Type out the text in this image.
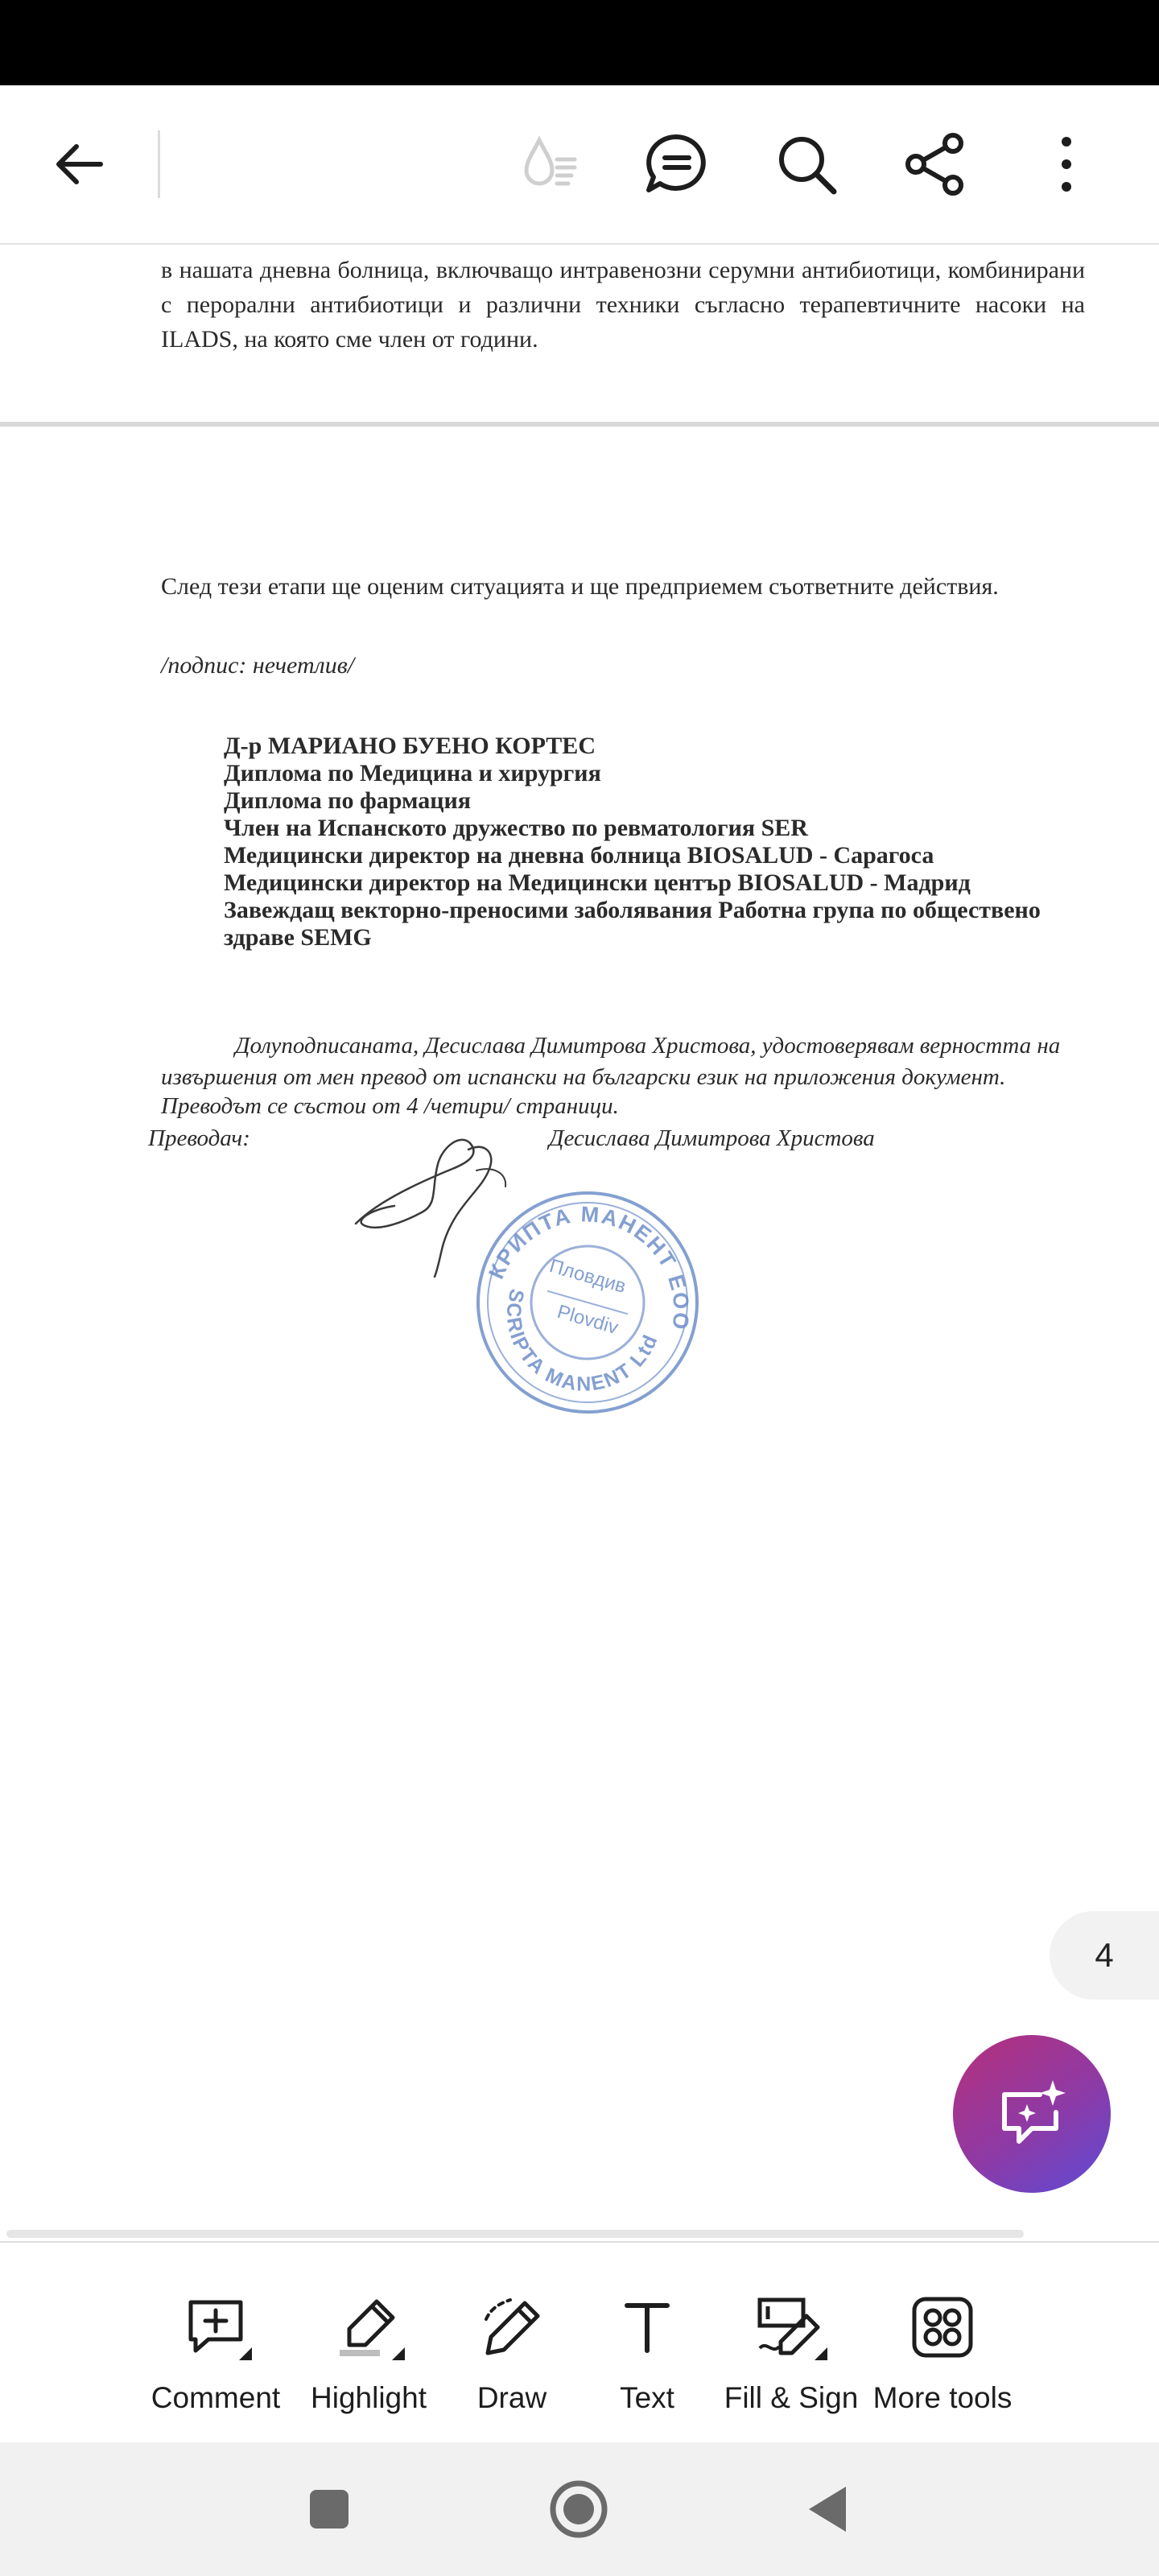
в нашата дневна болница, включващо интравенозни серумни антибиотици, комбинирани с перорални антибиотици и различни техники съгласно терапевтичните насоки на ILADS, на която сме член от години.
След тези етапи ще оценим ситуацията и ще предприемем съответните действия.
/подпис: нечетлив/
Д-р МАРИАНО БУЕНО КОРТЕС
Диплома по Медицина и хирургия
Диплома по фармация
Член на Испанското дружество по ревматология SER
Медицински директор на дневна болница BIOSALUD - Сарагоса
Медицински директор на Медицински център BIOSALUD - Мадрид
Завеждащ векторно-преносими заболявания Работна група по обществено
здраве SEMG
Долуподписаната, Десислава Димитрова Христова, удостоверявам верността на извършения от мен превод от испански на български език на приложения документ.
Преводът се състои от 4 /четири/ страници.
Преводач:	Десислава Димитрова Христова
СКРИПТА МАНЕНТ ЕООД
SCRIPTA MANENT Ltd.
Пловдив
Plovdiv
4
Comment Highlight Draw Text Fill & Sign More tools
